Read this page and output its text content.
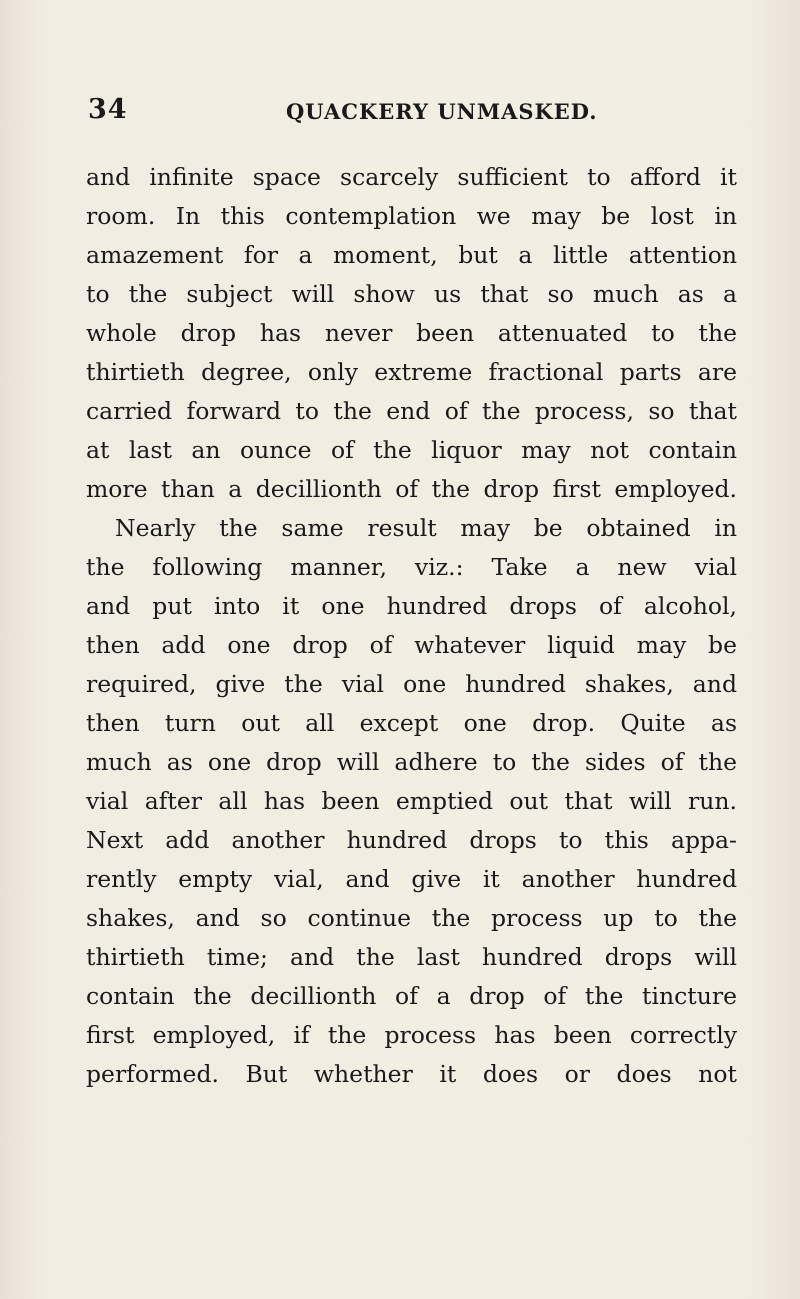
34	QUACKERY UNMASKED.
and infinite space scarcely sufficient to afford it
room. In this contemplation we may be lost in
amazement for a moment, but a little attention
to the subject will show us that so much as a
whole drop has never been attenuated to the
thirtieth degree, only extreme fractional parts are
carried forward to the end of the process, so that
at last an ounce of the liquor may not contain
more than a decillionth of the drop first employed.
Nearly the same result may be obtained in
the following manner, viz.: Take a new vial
and put into it one hundred drops of alcohol,
then add one drop of whatever liquid may be
required, give the vial one hundred shakes, and
then turn out all except one drop. Quite as
much as one drop will adhere to the sides of the
vial after all has been emptied out that will run.
Next add another hundred drops to this appa-
rently empty vial, and give it another hundred
shakes, and so continue the process up to the
thirtieth time; and the last hundred drops will
contain the decillionth of a drop of the tincture
first employed, if the process has been correctly
performed. But whether it does or does not
